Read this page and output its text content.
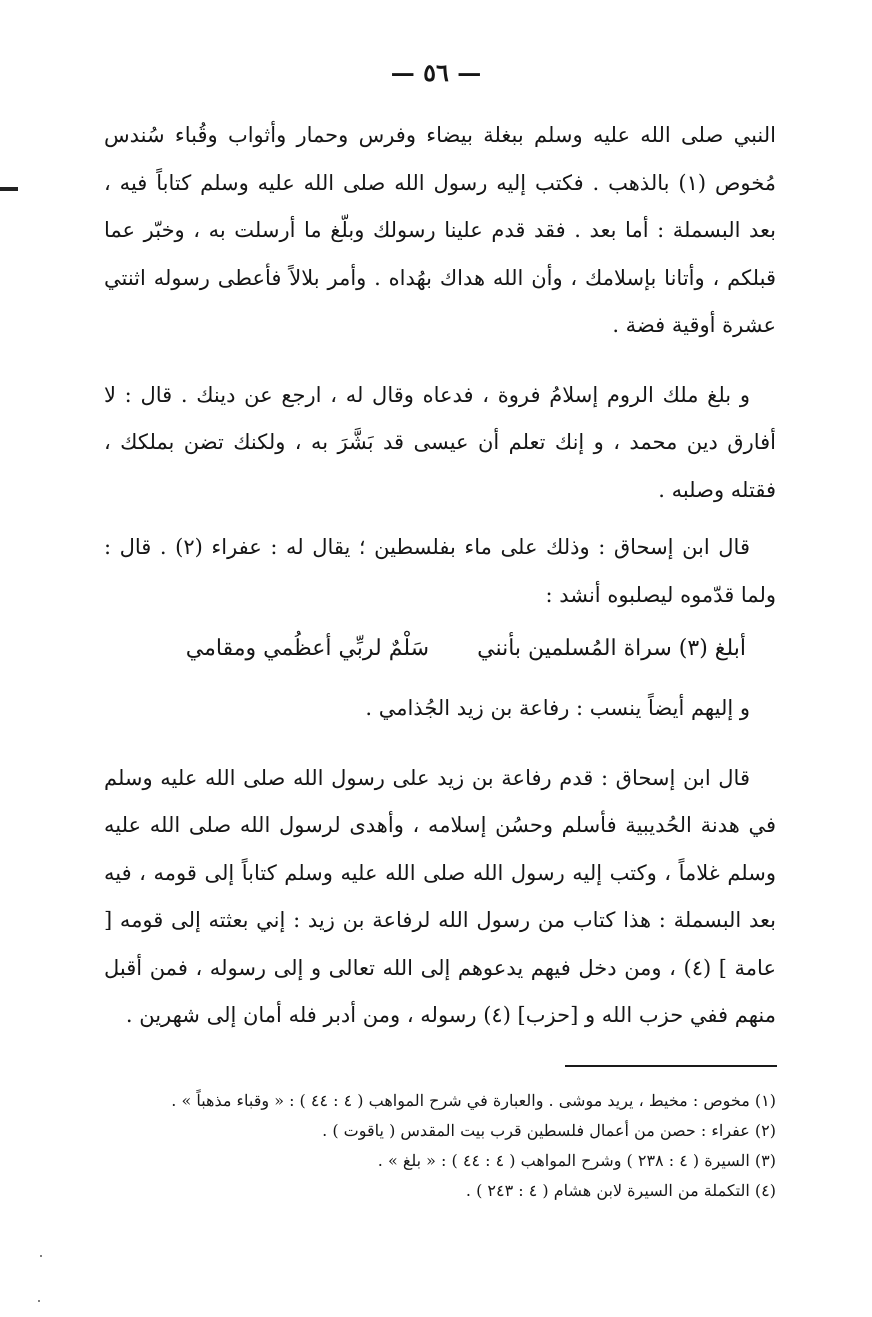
— ٥٦ —

النبي صلى الله عليه وسلم ببغلة بيضاء وفرس وحمار وأثواب وقُباء سُندس مُخوص (١) بالذهب . فكتب إليه رسول الله صلى الله عليه وسلم كتاباً فيه ، بعد البسملة : أما بعد . فقد قدم علينا رسولك وبلّغ ما أرسلت به ، وخبّر عما قبلكم ، وأتانا بإسلامك ، وأن الله هداك بهُداه . وأمر بلالاً فأعطى رسوله اثنتي عشرة أوقية فضة .

و بلغ ملك الروم إسلامُ فروة ، فدعاه وقال له ، ارجع عن دينك . قال : لا أفارق دين محمد ، و إنك تعلم أن عيسى قد بَشَّرَ به ، ولكنك تضن بملكك ، فقتله وصلبه .

قال ابن إسحاق : وذلك على ماء بفلسطين ؛ يقال له : عفراء (٢) . قال : ولما قدّموه ليصلبوه أنشد :

أبلغ (٣) سراة المُسلمين بأنني
سَلْمٌ لربِّي أعظُمي ومقامي

و إليهم أيضاً ينسب : رفاعة بن زيد الجُذامي .

قال ابن إسحاق : قدم رفاعة بن زيد على رسول الله صلى الله عليه وسلم في هدنة الحُديبية فأسلم وحسُن إسلامه ، وأهدى لرسول الله صلى الله عليه وسلم غلاماً ، وكتب إليه رسول الله صلى الله عليه وسلم كتاباً إلى قومه ، فيه بعد البسملة : هذا كتاب من رسول الله لرفاعة بن زيد : إني بعثته إلى قومه [ عامة ] (٤) ، ومن دخل فيهم يدعوهم إلى الله تعالى و إلى رسوله ، فمن أقبل منهم ففي حزب الله و [حزب] (٤) رسوله ، ومن أدبر فله أمان إلى شهرين .

(١) مخوص : مخيط ، يريد موشى . والعبارة في شرح المواهب ( ٤ : ٤٤ ) : « وقباء مذهباً » .

(٢) عفراء : حصن من أعمال فلسطين قرب بيت المقدس ( ياقوت ) .

(٣) السيرة ( ٤ : ٢٣٨ ) وشرح المواهب ( ٤ : ٤٤ ) : « بلغ » .

(٤) التكملة من السيرة لابن هشام ( ٤ : ٢٤٣ ) .
